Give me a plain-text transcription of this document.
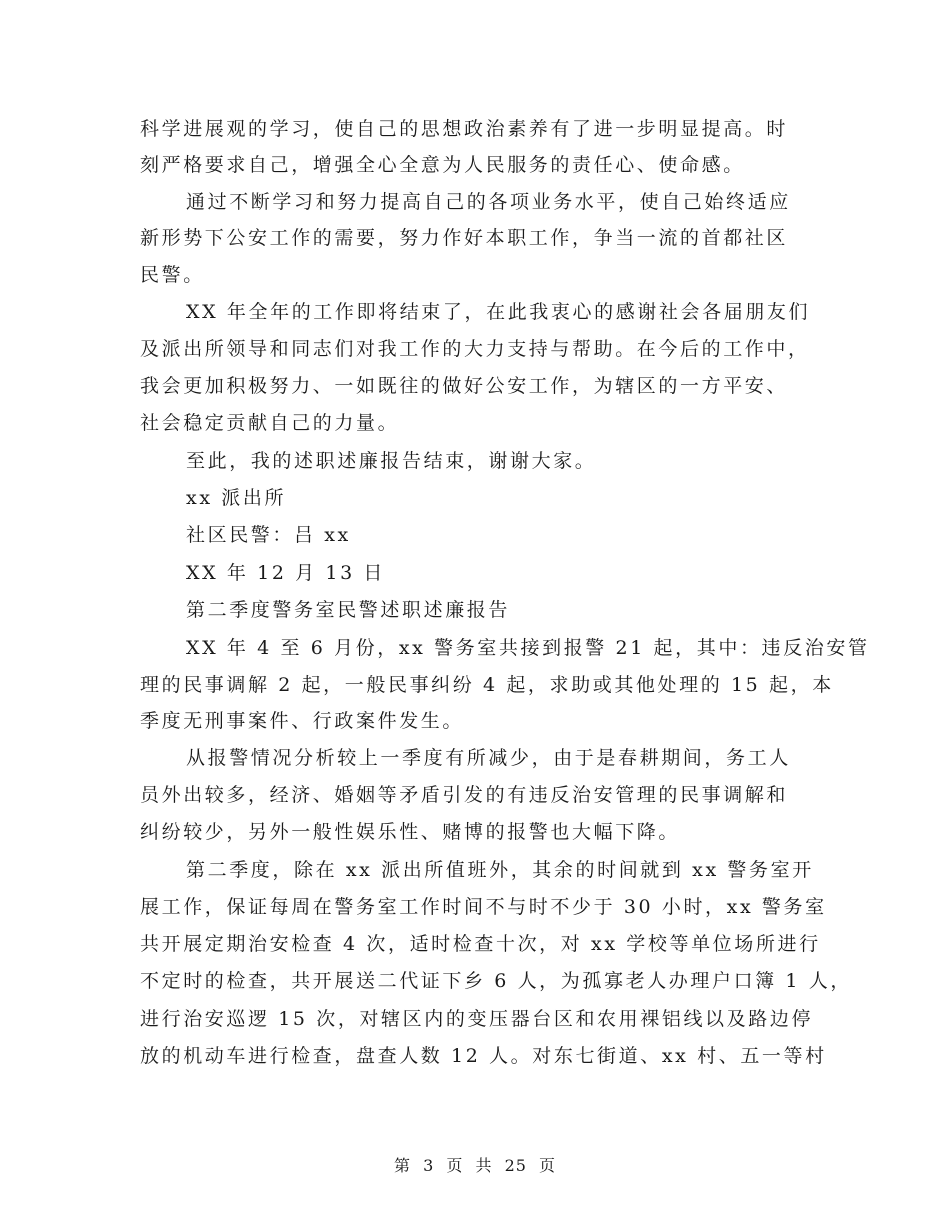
科学进展观的学习，使自己的思想政治素养有了进一步明显提高。时
刻严格要求自己，增强全心全意为人民服务的责任心、使命感。
通过不断学习和努力提高自己的各项业务水平，使自己始终适应
新形势下公安工作的需要，努力作好本职工作，争当一流的首都社区
民警。
XX 年全年的工作即将结束了，在此我衷心的感谢社会各届朋友们
及派出所领导和同志们对我工作的大力支持与帮助。在今后的工作中，
我会更加积极努力、一如既往的做好公安工作，为辖区的一方平安、
社会稳定贡献自己的力量。
至此，我的述职述廉报告结束，谢谢大家。
xx 派出所
社区民警：吕 xx
XX 年 12 月 13 日
第二季度警务室民警述职述廉报告
XX 年 4 至 6 月份，xx 警务室共接到报警 21 起，其中：违反治安管
理的民事调解 2 起，一般民事纠纷 4 起，求助或其他处理的 15 起，本
季度无刑事案件、行政案件发生。
从报警情况分析较上一季度有所减少，由于是春耕期间，务工人
员外出较多，经济、婚姻等矛盾引发的有违反治安管理的民事调解和
纠纷较少，另外一般性娱乐性、赌博的报警也大幅下降。
第二季度，除在 xx 派出所值班外，其余的时间就到 xx 警务室开
展工作，保证每周在警务室工作时间不与时不少于 30 小时，xx 警务室
共开展定期治安检查 4 次，适时检查十次，对 xx 学校等单位场所进行
不定时的检查，共开展送二代证下乡 6 人，为孤寡老人办理户口簿 1 人，
进行治安巡逻 15 次，对辖区内的变压器台区和农用裸铝线以及路边停
放的机动车进行检查，盘查人数 12 人。对东七街道、xx 村、五一等村
第 3 页 共 25 页
